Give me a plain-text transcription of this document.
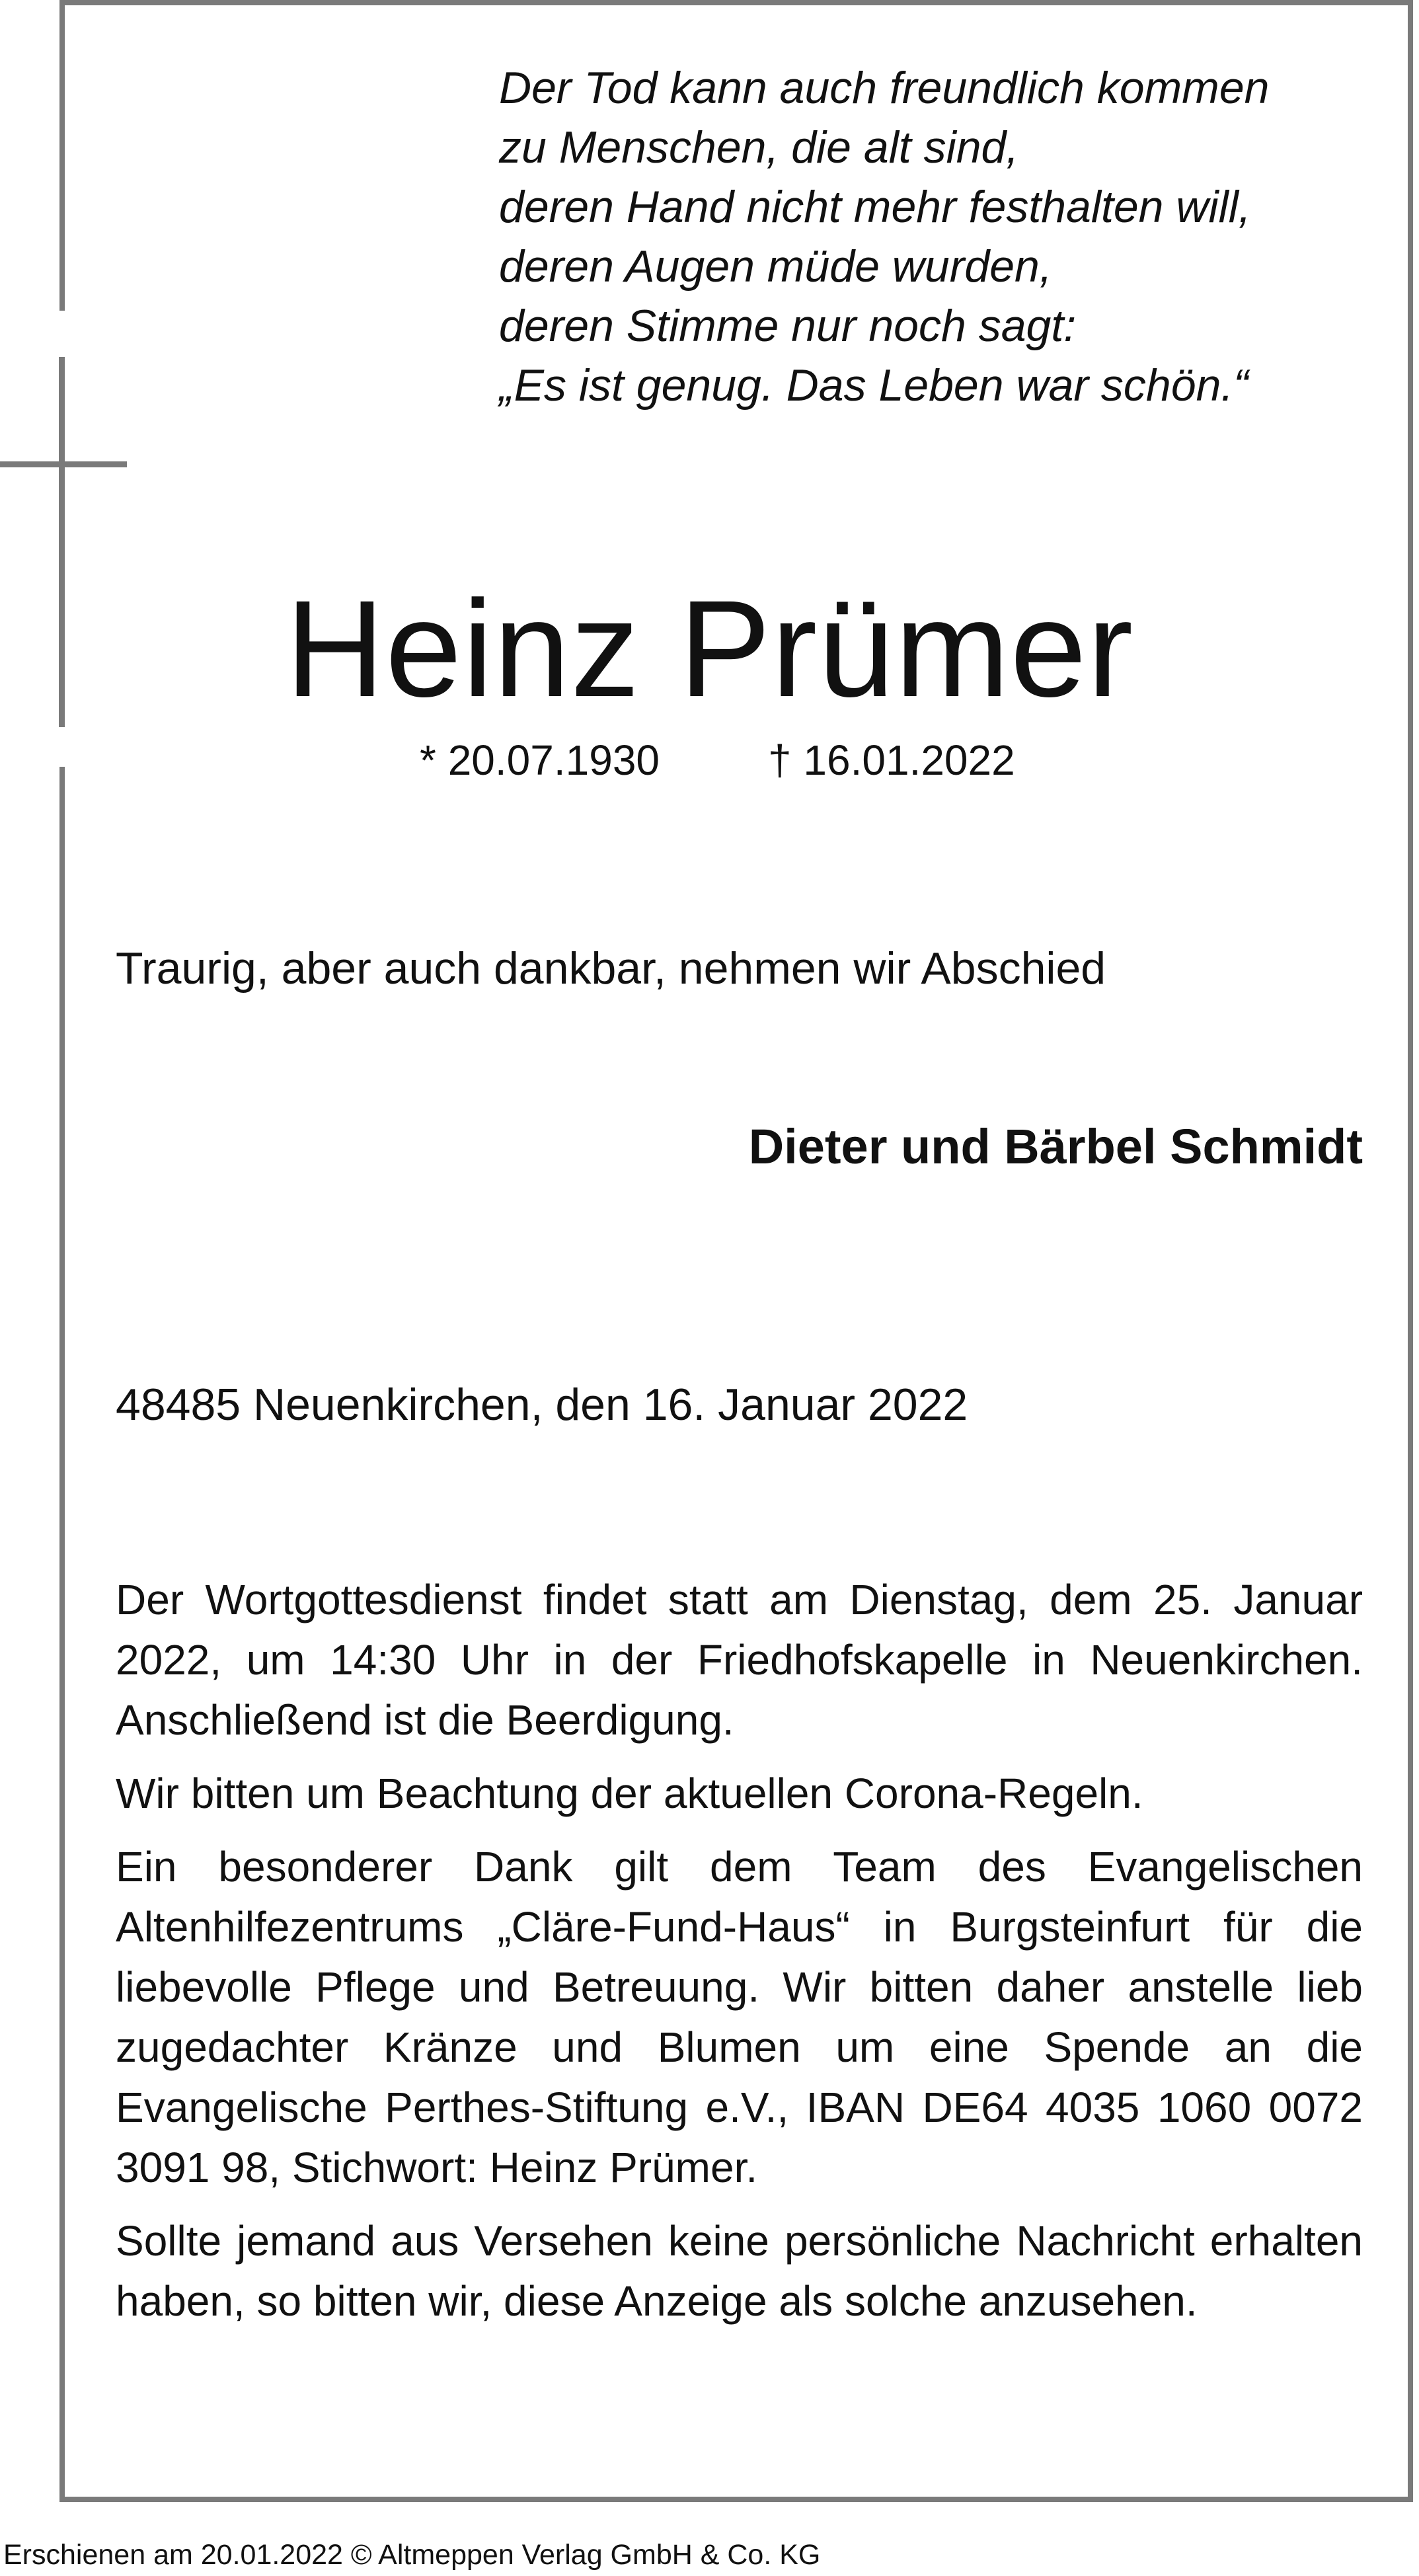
Der Tod kann auch freundlich kommen
zu Menschen, die alt sind,
deren Hand nicht mehr festhalten will,
deren Augen müde wurden,
deren Stimme nur noch sagt:
„Es ist genug. Das Leben war schön.“
Heinz Prümer
* 20.07.1930	† 16.01.2022
Traurig, aber auch dankbar, nehmen wir Abschied
Dieter und Bärbel Schmidt
48485 Neuenkirchen, den 16. Januar 2022

Der Wortgottesdienst findet statt am Dienstag, dem 25. Januar 2022, um 14:30 Uhr in der Friedhofskapelle in Neuenkirchen. Anschließend ist die Beerdigung.

Wir bitten um Beachtung der aktuellen Corona-Regeln.

Ein besonderer Dank gilt dem Team des Evangelischen Altenhilfezentrums „Cläre-Fund-Haus“ in Burgsteinfurt für die liebevolle Pflege und Betreuung. Wir bitten daher anstelle lieb zugedachter Kränze und Blumen um eine Spende an die Evangelische Perthes-Stiftung e.V., IBAN DE64 4035 1060 0072 3091 98, Stichwort: Heinz Prümer.

Sollte jemand aus Versehen keine persönliche Nachricht erhalten haben, so bitten wir, diese Anzeige als solche anzusehen.

Erschienen am 20.01.2022 © Altmeppen Verlag GmbH & Co. KG
